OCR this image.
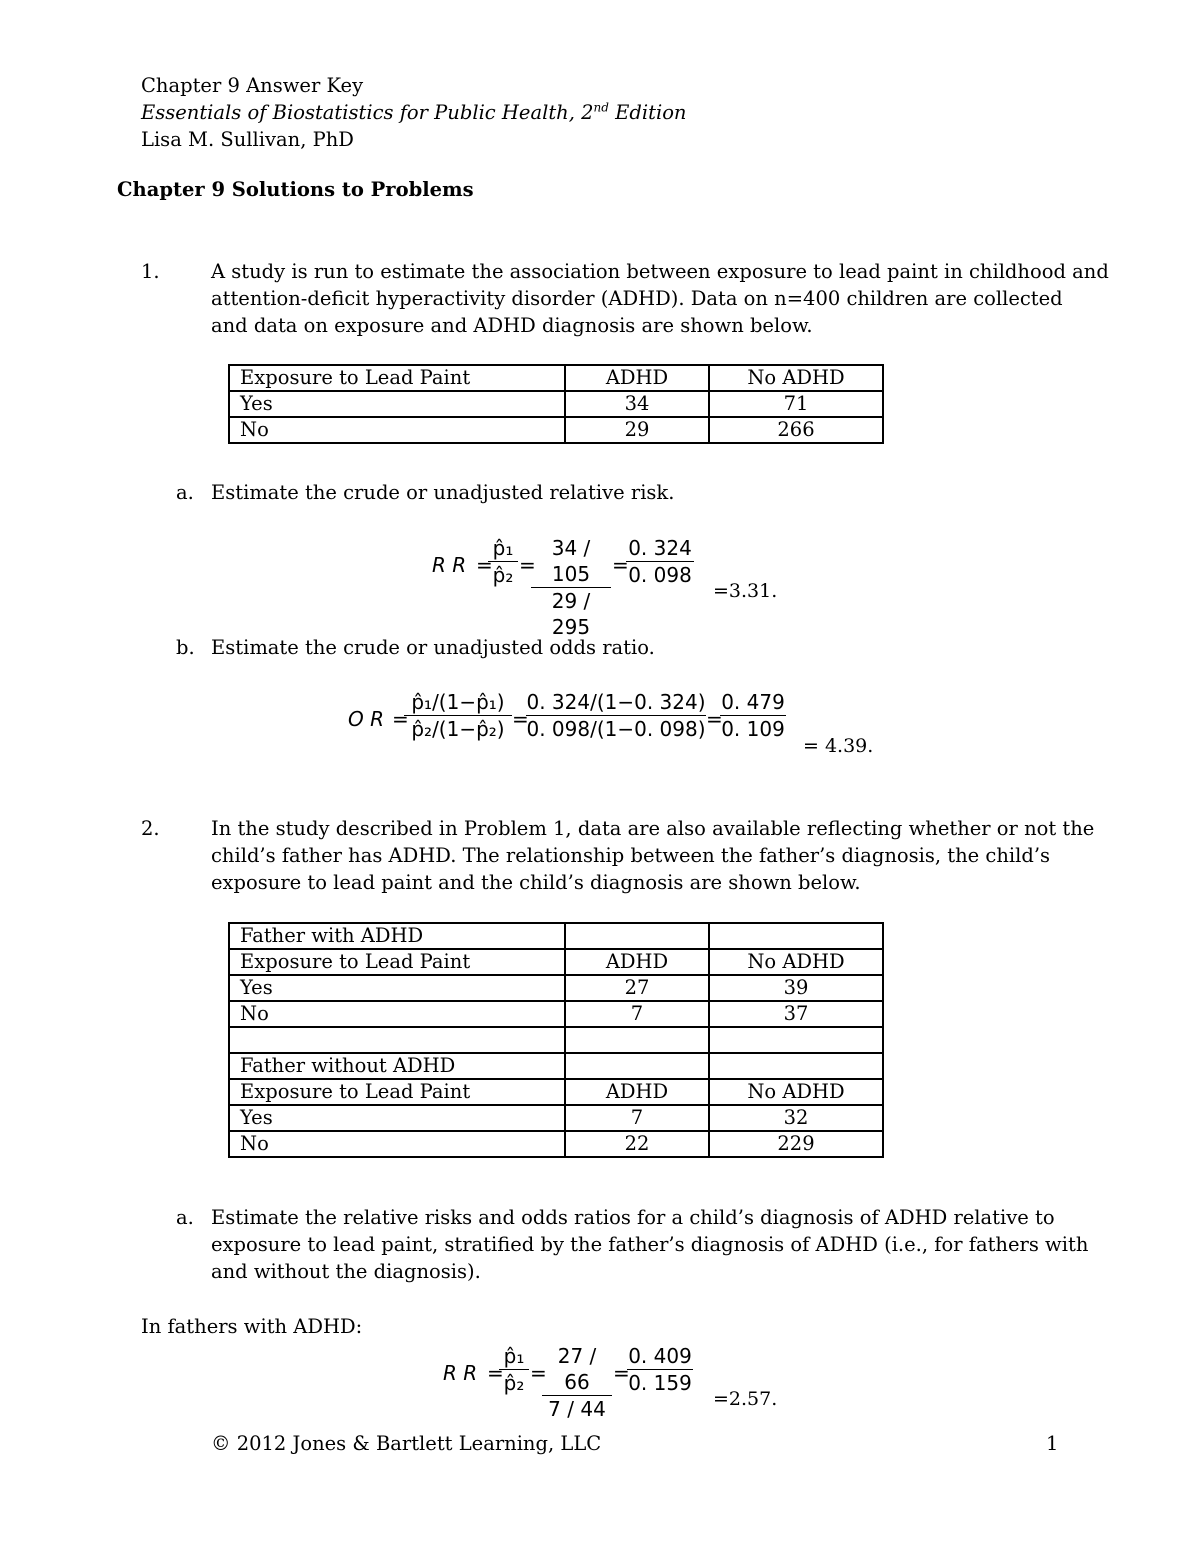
Chapter 9 Answer Key
Essentials of Biostatistics for Public Health, 2nd Edition
Lisa M. Sullivan, PhD
Chapter 9 Solutions to Problems
1.	A study is run to estimate the association between exposure to lead paint in childhood and
attention-deficit hyperactivity disorder (ADHD). Data on n=400 children are collected
and data on exposure and ADHD diagnosis are shown below.
Exposure to Lead Paint	ADHD	No ADHD
Yes	34	71
No	29	266
a. Estimate the crude or unadjusted relative risk.
R R =
p̂₁
p̂₂ =
34 / 105
29 / 295
=
0. 324
0. 098
=3.31.
b. Estimate the crude or unadjusted odds ratio.
O R =
p̂₁/(1−p̂₁)
p̂₂/(1−p̂₂) =
0. 324/(1−0. 324)
0. 098/(1−0. 098) =
0. 479
0. 109
= 4.39.
2.	In the study described in Problem 1, data are also available reflecting whether or not the
child’s father has ADHD. The relationship between the father’s diagnosis, the child’s
exposure to lead paint and the child’s diagnosis are shown below.
Father with ADHD		
Exposure to Lead Paint	ADHD	No ADHD
Yes	27	39
No	7	37

Father without ADHD		
Exposure to Lead Paint	ADHD	No ADHD
Yes	7	32
No	22	229
a. Estimate the relative risks and odds ratios for a child’s diagnosis of ADHD relative to
exposure to lead paint, stratified by the father’s diagnosis of ADHD (i.e., for fathers with
and without the diagnosis).
In fathers with ADHD:
R R =
p̂₁
p̂₂ =
27 / 66
7 / 44
=
0. 409
0. 159
=2.57.
© 2012 Jones & Bartlett Learning, LLC	1
